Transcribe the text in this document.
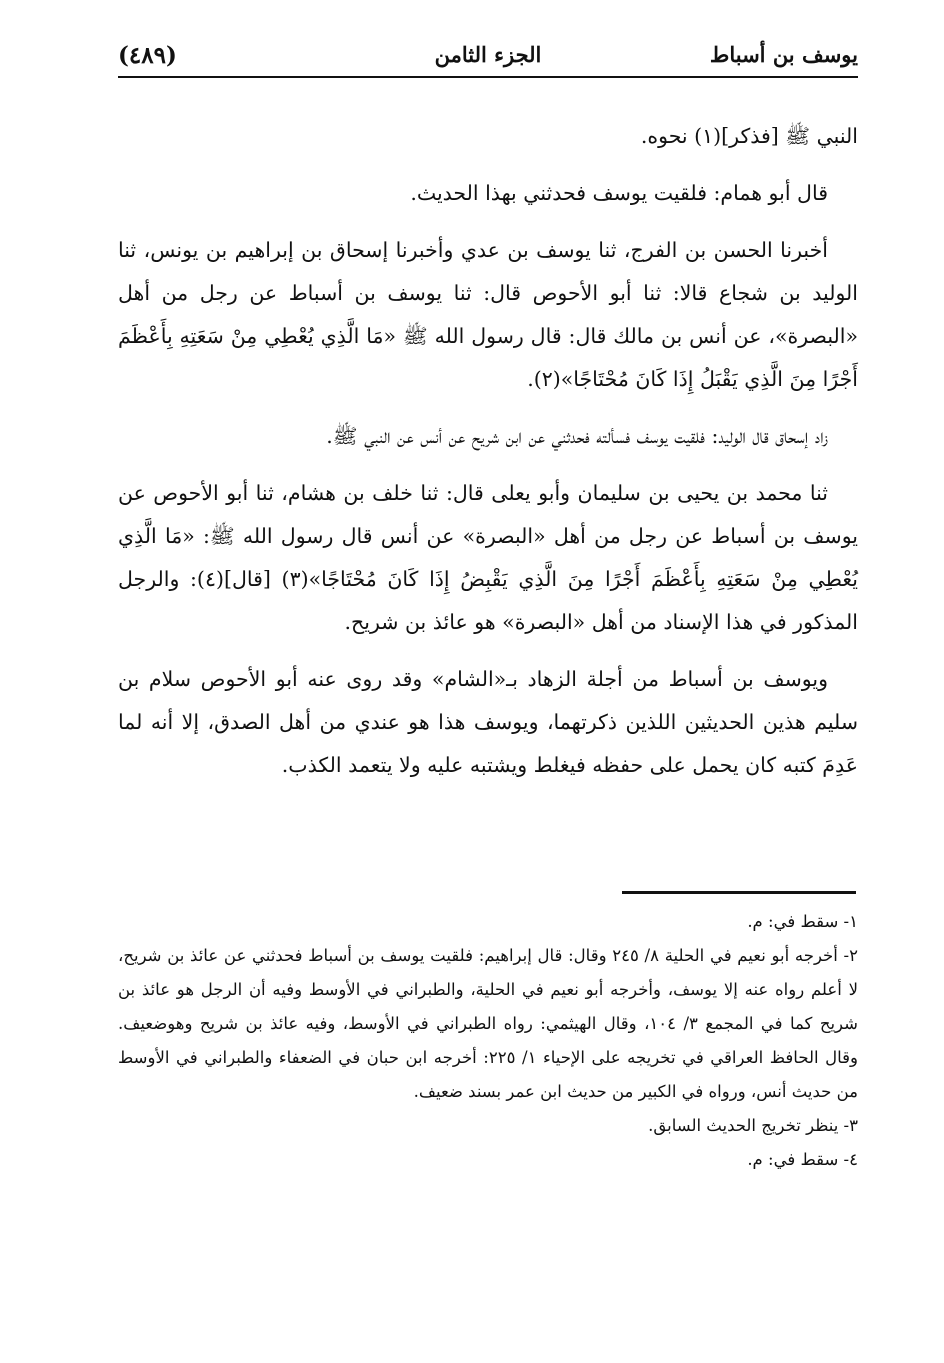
يوسف بن أسباط
الجزء الثامن
(٤٨٩)

النبي ﷺ [فذكر](١) نحوه.

قال أبو همام: فلقيت يوسف فحدثني بهذا الحديث.

أخبرنا الحسن بن الفرج، ثنا يوسف بن عدي وأخبرنا إسحاق بن إبراهيم بن يونس، ثنا الوليد بن شجاع قالا: ثنا أبو الأحوص قال: ثنا يوسف بن أسباط عن رجل من أهل «البصرة»، عن أنس بن مالك قال: قال رسول الله ﷺ «مَا الَّذِي يُعْطِي مِنْ سَعَتِهِ بِأَعْظَمَ أَجْرًا مِنَ الَّذِي يَقْبَلُ إِذَا كَانَ مُحْتَاجًا»(٢).

زاد إسحاق قال الوليد: فلقيت يوسف فسألته فحدثني عن ابن شريح عن أنس عن النبي ﷺ.

ثنا محمد بن يحيى بن سليمان وأبو يعلى قال: ثنا خلف بن هشام، ثنا أبو الأحوص عن يوسف بن أسباط عن رجل من أهل «البصرة» عن أنس قال رسول الله ﷺ: «مَا الَّذِي يُعْطِي مِنْ سَعَتِهِ بِأَعْظَمَ أَجْرًا مِنَ الَّذِي يَقْبِضُ إِذَا كَانَ مُحْتَاجًا»(٣) [قال](٤): والرجل المذكور في هذا الإسناد من أهل «البصرة» هو عائذ بن شريح.

ويوسف بن أسباط من أجلة الزهاد بـ«الشام» وقد روى عنه أبو الأحوص سلام بن سليم هذين الحديثين اللذين ذكرتهما، ويوسف هذا هو عندي من أهل الصدق، إلا أنه لما عَدِمَ كتبه كان يحمل على حفظه فيغلط ويشتبه عليه ولا يتعمد الكذب.

١- سقط في: م.

٢- أخرجه أبو نعيم في الحلية ٨/ ٢٤٥ وقال: قال إبراهيم: فلقيت يوسف بن أسباط فحدثني عن عائذ بن شريح، لا أعلم رواه عنه إلا يوسف، وأخرجه أبو نعيم في الحلية، والطبراني في الأوسط وفيه أن الرجل هو عائذ بن شريح كما في المجمع ٣/ ١٠٤، وقال الهيثمي: رواه الطبراني في الأوسط، وفيه عائذ بن شريح وهوضعيف. وقال الحافظ العراقي في تخريجه على الإحياء ١/ ٢٢٥: أخرجه ابن حبان في الضعفاء والطبراني في الأوسط من حديث أنس، ورواه في الكبير من حديث ابن عمر بسند ضعيف.

٣- ينظر تخريج الحديث السابق.

٤- سقط في: م.
